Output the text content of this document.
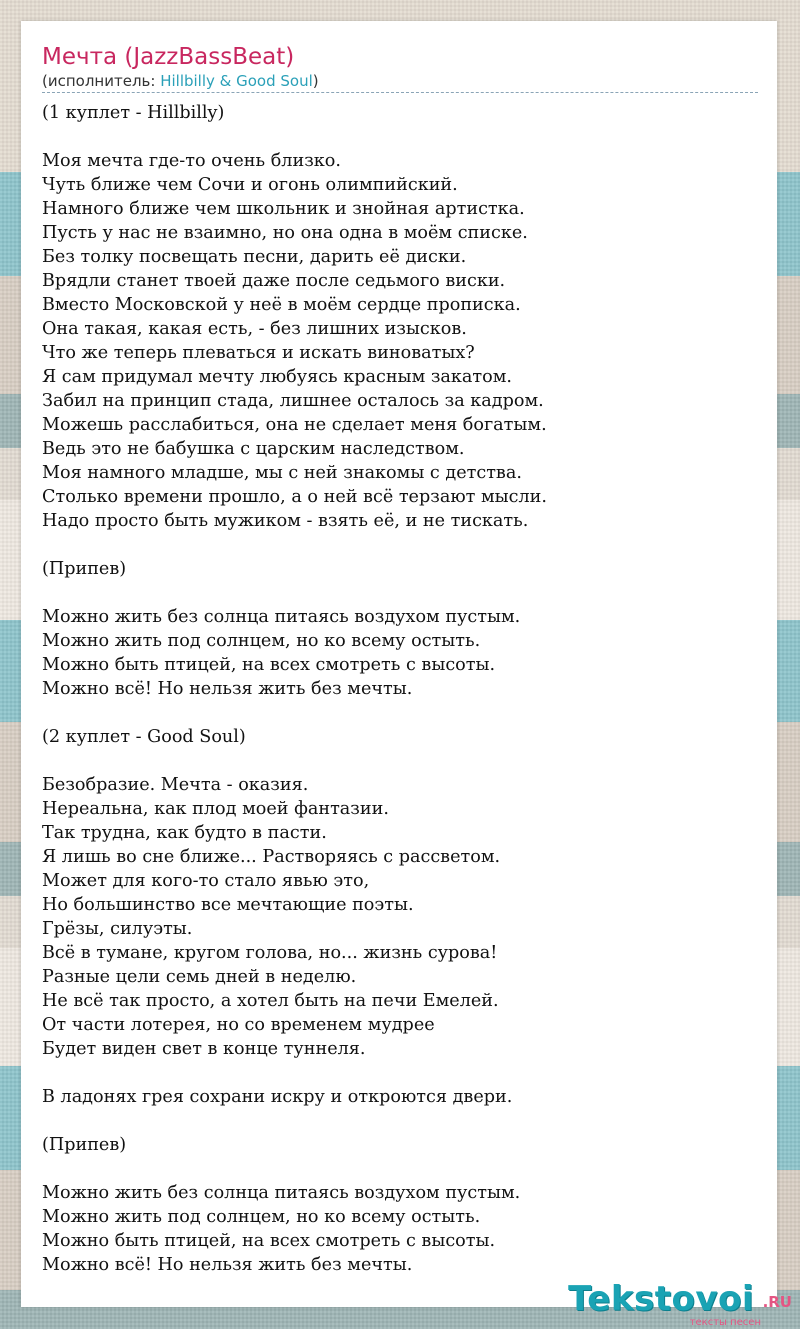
Мечта (JazzBassBeat)
(исполнитель: Hillbilly & Good Soul)
(1 куплет - Hillbilly)

Моя мечта где-то очень близко.
Чуть ближе чем Сочи и огонь олимпийский.
Намного ближе чем школьник и знойная артистка.
Пусть у нас не взаимно, но она одна в моём списке.
Без толку посвещать песни, дарить её диски.
Врядли станет твоей даже после седьмого виски.
Вместо Московской у неё в моём сердце прописка.
Она такая, какая есть, - без лишних изысков.
Что же теперь плеваться и искать виноватых?
Я сам придумал мечту любуясь красным закатом.
Забил на принцип стада, лишнее осталось за кадром.
Можешь расслабиться, она не сделает меня богатым.
Ведь это не бабушка с царским наследством.
Моя намного младше, мы с ней знакомы с детства.
Столько времени прошло, а о ней всё терзают мысли.
Надо просто быть мужиком - взять её, и не тискать.

(Припев)

Можно жить без солнца питаясь воздухом пустым.
Можно жить под солнцем, но ко всему остыть.
Можно быть птицей, на всех смотреть с высоты.
Можно всё! Но нельзя жить без мечты.

(2 куплет - Good Soul)

Безобразие. Мечта - оказия.
Нереальна, как плод моей фантазии.
Так трудна, как будто в пасти.
Я лишь во сне ближе... Растворяясь с рассветом.
Может для кого-то стало явью это,
Но большинство все мечтающие поэты.
Грёзы, силуэты.
Всё в тумане, кругом голова, но... жизнь сурова!
Разные цели семь дней в неделю.
Не всё так просто, а хотел быть на печи Емелей.
От части лотерея, но со временем мудрее
Будет виден свет в конце туннеля.

В ладонях грея сохрани искру и откроются двери.

(Припев)

Можно жить без солнца питаясь воздухом пустым.
Можно жить под солнцем, но ко всему остыть.
Можно быть птицей, на всех смотреть с высоты.
Можно всё! Но нельзя жить без мечты.
Tekstovoi .RU
тексты песен
